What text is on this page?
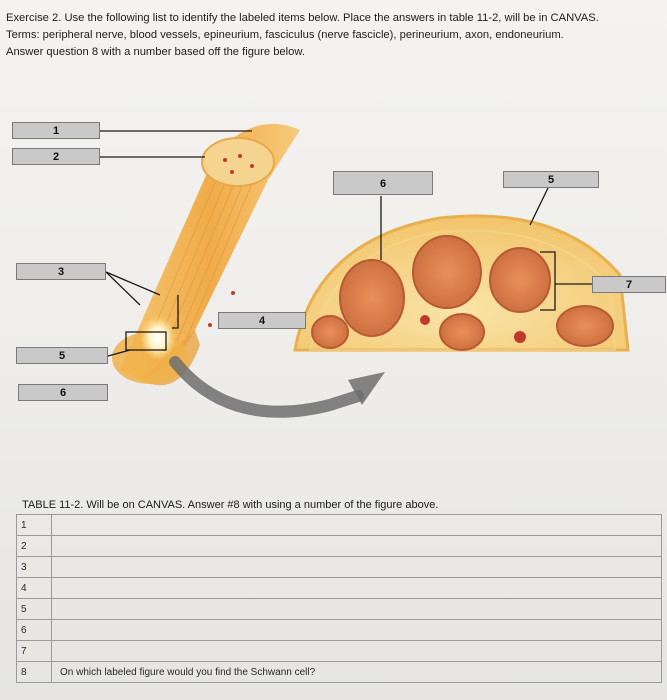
Exercise 2. Use the following list to identify the labeled items below. Place the answers in table 11-2, will be in CANVAS.

Terms: peripheral nerve, blood vessels, epineurium, fasciculus (nerve fascicle), perineurium, axon, endoneurium.

Answer question 8 with a number based off the figure below.

1
2
3
4
5
6
6	5
7
TABLE 11-2. Will be on CANVAS. Answer #8 with using a number of the figure above.
1	
2	
3	
4	
5	
6	
7	
8	On which labeled figure would you find the Schwann cell?
